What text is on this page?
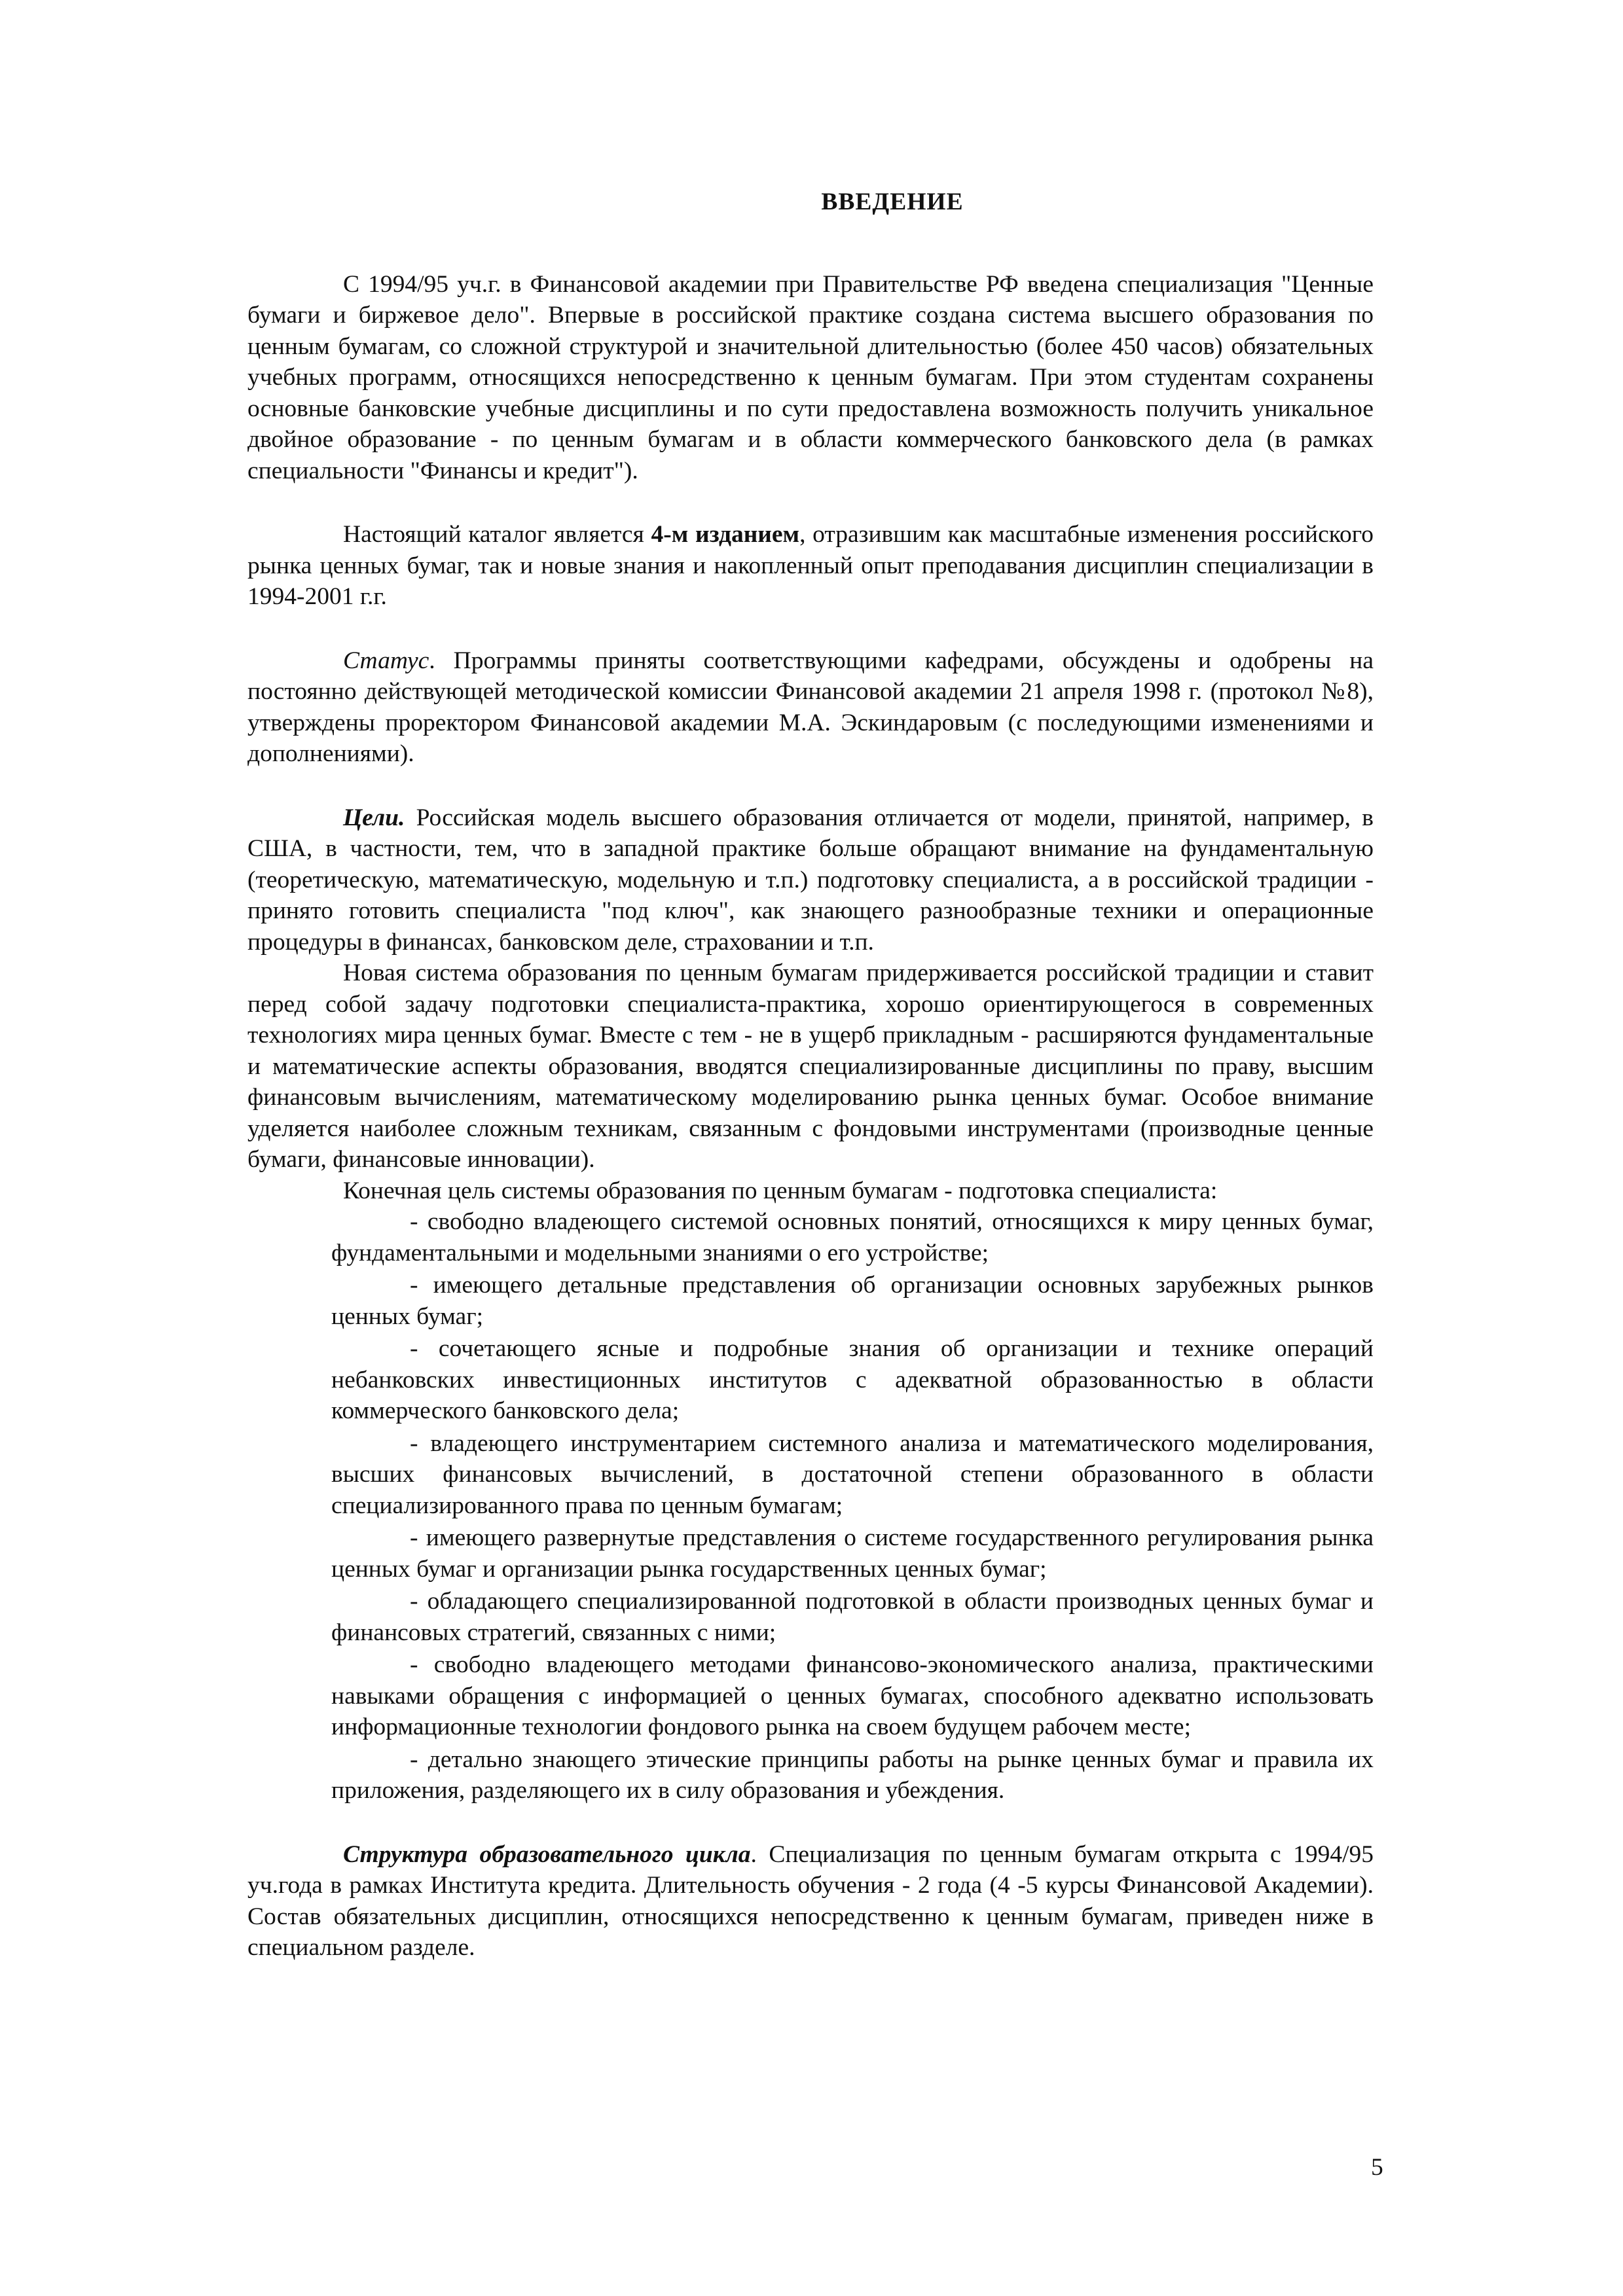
ВВЕДЕНИЕ

С 1994/95 уч.г. в Финансовой академии при Правительстве РФ введена специализация "Ценные бумаги и биржевое дело". Впервые в российской практике создана система высшего образования по ценным бумагам, со сложной структурой и значительной длительностью (более 450 часов) обязательных учебных программ, относящихся непосредственно к ценным бумагам. При этом студентам сохранены основные банковские учебные дисциплины и по сути предоставлена возможность получить уникальное двойное образование - по ценным бумагам и в области коммерческого банковского дела (в рамках специальности "Финансы и кредит").

Настоящий каталог является 4-м изданием, отразившим как масштабные изменения российского рынка ценных бумаг, так и новые знания и накопленный опыт преподавания дисциплин специализации в 1994-2001 г.г.

Статус. Программы приняты соответствующими кафедрами, обсуждены и одобрены на постоянно действующей методической комиссии Финансовой академии 21 апреля 1998 г. (протокол №8), утверждены проректором Финансовой академии М.А. Эскиндаровым (с последующими изменениями и дополнениями).

Цели. Российская модель высшего образования отличается от модели, принятой, например, в США, в частности, тем, что в западной практике больше обращают внимание на фундаментальную (теоретическую, математическую, модельную и т.п.) подготовку специалиста, а в российской традиции - принято готовить специалиста "под ключ", как знающего разнообразные техники и операционные процедуры в финансах, банковском деле, страховании и т.п.

Новая система образования по ценным бумагам придерживается российской традиции и ставит перед собой задачу подготовки специалиста-практика, хорошо ориентирующегося в современных технологиях мира ценных бумаг. Вместе с тем - не в ущерб прикладным - расширяются фундаментальные и математические аспекты образования, вводятся специализированные дисциплины по праву, высшим финансовым вычислениям, математическому моделированию рынка ценных бумаг. Особое внимание уделяется наиболее сложным техникам, связанным с фондовыми инструментами (производные ценные бумаги, финансовые инновации).

Конечная цель системы образования по ценным бумагам - подготовка специалиста:

- свободно владеющего системой основных понятий, относящихся к миру ценных бумаг, фундаментальными и модельными знаниями о его устройстве;
- имеющего детальные представления об организации основных зарубежных рынков ценных бумаг;
- сочетающего ясные и подробные знания об организации и технике операций небанковских инвестиционных институтов с адекватной образованностью в области коммерческого банковского дела;
- владеющего инструментарием системного анализа и математического моделирования, высших финансовых вычислений, в достаточной степени образованного в области специализированного права по ценным бумагам;
- имеющего развернутые представления о системе государственного регулирования рынка ценных бумаг и организации рынка государственных ценных бумаг;
- обладающего специализированной подготовкой в области производных ценных бумаг и финансовых стратегий, связанных с ними;
- свободно владеющего методами финансово-экономического анализа, практическими навыками обращения с информацией о ценных бумагах, способного адекватно использовать информационные технологии фондового рынка на своем будущем рабочем месте;
- детально знающего этические принципы работы на рынке ценных бумаг и правила их приложения, разделяющего их в силу образования и убеждения.

Структура образовательного цикла. Специализация по ценным бумагам открыта с 1994/95 уч.года в рамках Института кредита. Длительность обучения - 2 года (4 -5 курсы Финансовой Академии). Состав обязательных дисциплин, относящихся непосредственно к ценным бумагам, приведен ниже в специальном разделе.

5
